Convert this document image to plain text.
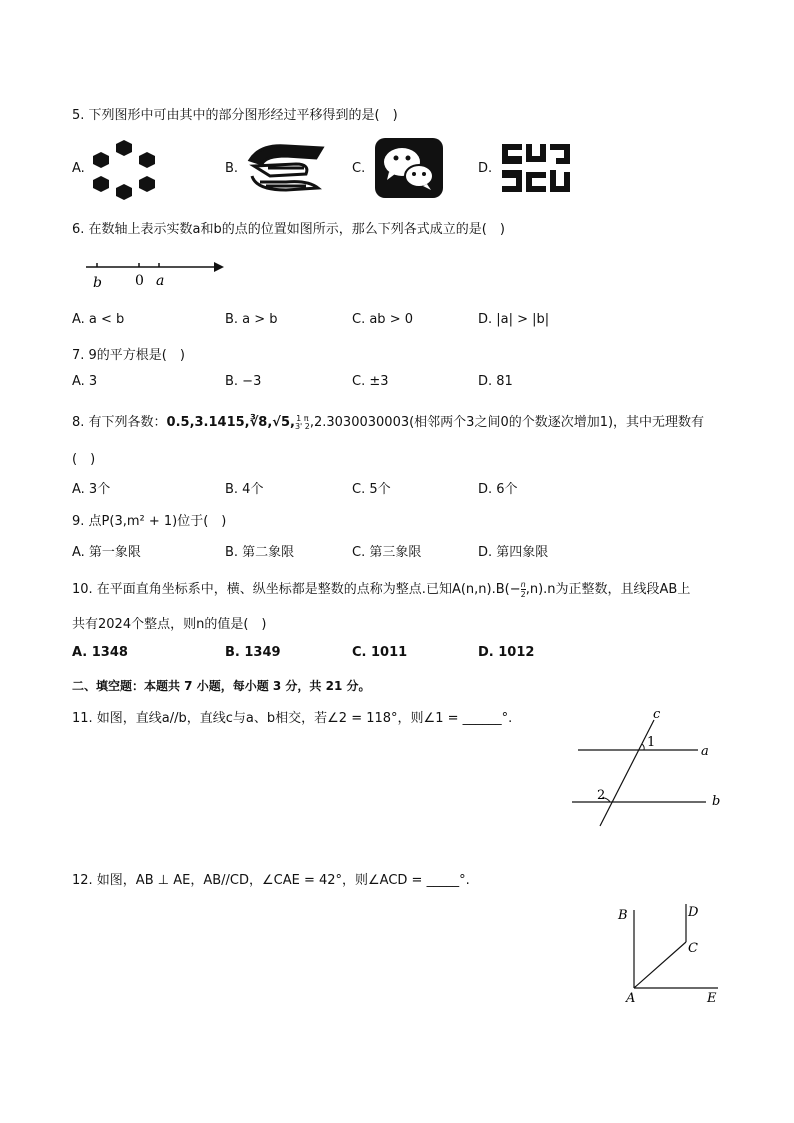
5. 下列图形中可由其中的部分图形经过平移得到的是(　)
A.	B.	C.	D.
6. 在数轴上表示实数a和b的点的位置如图所示，那么下列各式成立的是(　)
b 0 a
A. a < b	B. a > b	C. ab > 0	D. |a| > |b|
7. 9的平方根是(　)
A. 3	B. −3	C. ±3	D. 81
8. 有下列各数：0.5,3.1415,∛8,√5, 1 π
3' 2 ,2.3030030003(相邻两个3之间0的个数逐次增加1)，其中无理数有
(　)
A. 3个	B. 4个	C. 5个	D. 6个
9. 点P(3,m² + 1)位于(　)
A. 第一象限	B. 第二象限	C. 第三象限	D. 第四象限
10. 在平面直角坐标系中，横、纵坐标都是整数的点称为整点.已知$A(n,n).B(- \frac{n}{2} ,n).n$为正整数，且线段AB上
共有2024个整点，则n的值是(　)
A. 1348	B. 1349	C. 1011	D. 1012
二、填空题：本题共 7 小题，每小题 3 分，共 21 分。
11. 如图，直线a//b，直线c与a、b相交，若∠2 = 118°，则∠1 = ______°.	c
1
a
2	b
12. 如图，AB ⊥ AE，AB//CD，∠CAE = 42°，则∠ACD = _____°.
B	D
C
A	E
